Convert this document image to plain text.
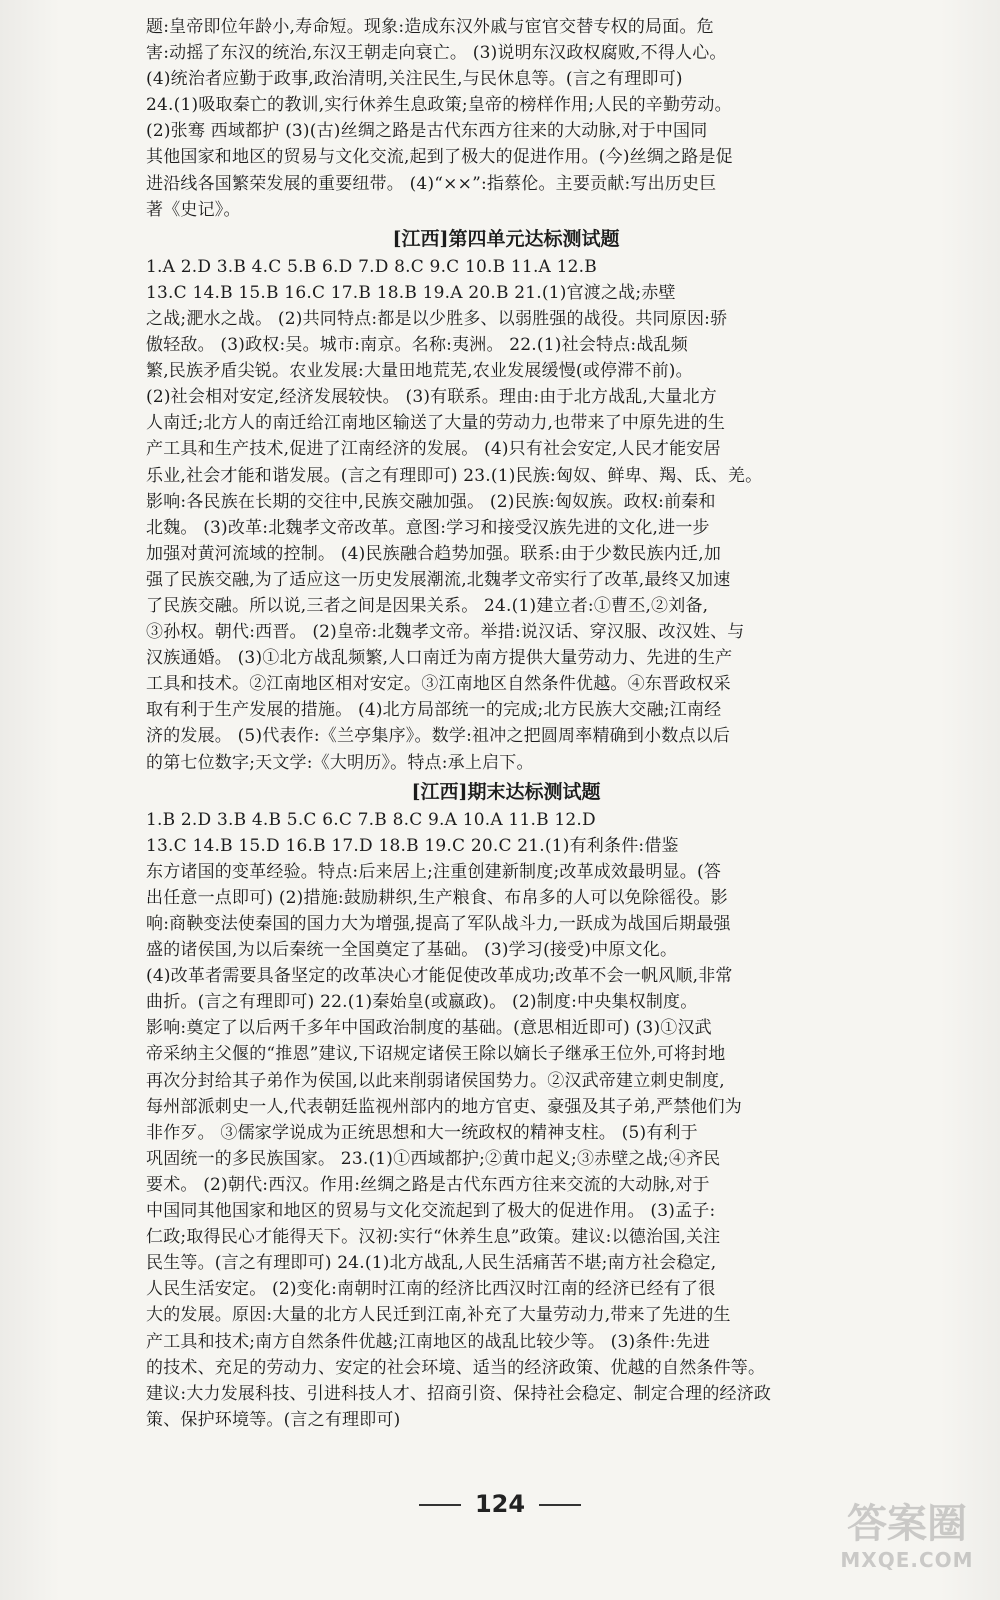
题:皇帝即位年龄小,寿命短。现象:造成东汉外戚与宦官交替专权的局面。危
害:动摇了东汉的统治,东汉王朝走向衰亡。 (3)说明东汉政权腐败,不得人心。
(4)统治者应勤于政事,政治清明,关注民生,与民休息等。(言之有理即可)
24.(1)吸取秦亡的教训,实行休养生息政策;皇帝的榜样作用;人民的辛勤劳动。
(2)张骞 西域都护 (3)(古)丝绸之路是古代东西方往来的大动脉,对于中国同
其他国家和地区的贸易与文化交流,起到了极大的促进作用。(今)丝绸之路是促
进沿线各国繁荣发展的重要纽带。 (4)“××”:指蔡伦。主要贡献:写出历史巨
著《史记》。
[江西]第四单元达标测试题
1.A 2.D 3.B 4.C 5.B 6.D 7.D 8.C 9.C 10.B 11.A 12.B
13.C 14.B 15.B 16.C 17.B 18.B 19.A 20.B 21.(1)官渡之战;赤壁
之战;淝水之战。 (2)共同特点:都是以少胜多、以弱胜强的战役。共同原因:骄
傲轻敌。 (3)政权:吴。城市:南京。名称:夷洲。 22.(1)社会特点:战乱频
繁,民族矛盾尖锐。农业发展:大量田地荒芜,农业发展缓慢(或停滞不前)。
(2)社会相对安定,经济发展较快。 (3)有联系。理由:由于北方战乱,大量北方
人南迁;北方人的南迁给江南地区输送了大量的劳动力,也带来了中原先进的生
产工具和生产技术,促进了江南经济的发展。 (4)只有社会安定,人民才能安居
乐业,社会才能和谐发展。(言之有理即可) 23.(1)民族:匈奴、鲜卑、羯、氐、羌。
影响:各民族在长期的交往中,民族交融加强。 (2)民族:匈奴族。政权:前秦和
北魏。 (3)改革:北魏孝文帝改革。意图:学习和接受汉族先进的文化,进一步
加强对黄河流域的控制。 (4)民族融合趋势加强。联系:由于少数民族内迁,加
强了民族交融,为了适应这一历史发展潮流,北魏孝文帝实行了改革,最终又加速
了民族交融。所以说,三者之间是因果关系。 24.(1)建立者:①曹丕,②刘备,
③孙权。朝代:西晋。 (2)皇帝:北魏孝文帝。举措:说汉话、穿汉服、改汉姓、与
汉族通婚。 (3)①北方战乱频繁,人口南迁为南方提供大量劳动力、先进的生产
工具和技术。②江南地区相对安定。③江南地区自然条件优越。④东晋政权采
取有利于生产发展的措施。 (4)北方局部统一的完成;北方民族大交融;江南经
济的发展。 (5)代表作:《兰亭集序》。数学:祖冲之把圆周率精确到小数点以后
的第七位数字;天文学:《大明历》。特点:承上启下。
[江西]期末达标测试题
1.B 2.D 3.B 4.B 5.C 6.C 7.B 8.C 9.A 10.A 11.B 12.D
13.C 14.B 15.D 16.B 17.D 18.B 19.C 20.C 21.(1)有利条件:借鉴
东方诸国的变革经验。特点:后来居上;注重创建新制度;改革成效最明显。(答
出任意一点即可) (2)措施:鼓励耕织,生产粮食、布帛多的人可以免除徭役。影
响:商鞅变法使秦国的国力大为增强,提高了军队战斗力,一跃成为战国后期最强
盛的诸侯国,为以后秦统一全国奠定了基础。 (3)学习(接受)中原文化。
(4)改革者需要具备坚定的改革决心才能促使改革成功;改革不会一帆风顺,非常
曲折。(言之有理即可) 22.(1)秦始皇(或嬴政)。 (2)制度:中央集权制度。
影响:奠定了以后两千多年中国政治制度的基础。(意思相近即可) (3)①汉武
帝采纳主父偃的“推恩”建议,下诏规定诸侯王除以嫡长子继承王位外,可将封地
再次分封给其子弟作为侯国,以此来削弱诸侯国势力。②汉武帝建立刺史制度,
每州部派刺史一人,代表朝廷监视州部内的地方官吏、豪强及其子弟,严禁他们为
非作歹。 ③儒家学说成为正统思想和大一统政权的精神支柱。 (5)有利于
巩固统一的多民族国家。 23.(1)①西域都护;②黄巾起义;③赤壁之战;④齐民
要术。 (2)朝代:西汉。作用:丝绸之路是古代东西方往来交流的大动脉,对于
中国同其他国家和地区的贸易与文化交流起到了极大的促进作用。 (3)孟子:
仁政;取得民心才能得天下。汉初:实行“休养生息”政策。建议:以德治国,关注
民生等。(言之有理即可) 24.(1)北方战乱,人民生活痛苦不堪;南方社会稳定,
人民生活安定。 (2)变化:南朝时江南的经济比西汉时江南的经济已经有了很
大的发展。原因:大量的北方人民迁到江南,补充了大量劳动力,带来了先进的生
产工具和技术;南方自然条件优越;江南地区的战乱比较少等。 (3)条件:先进
的技术、充足的劳动力、安定的社会环境、适当的经济政策、优越的自然条件等。
建议:大力发展科技、引进科技人才、招商引资、保持社会稳定、制定合理的经济政
策、保护环境等。(言之有理即可)
124	答案圈
MXQE.COM
